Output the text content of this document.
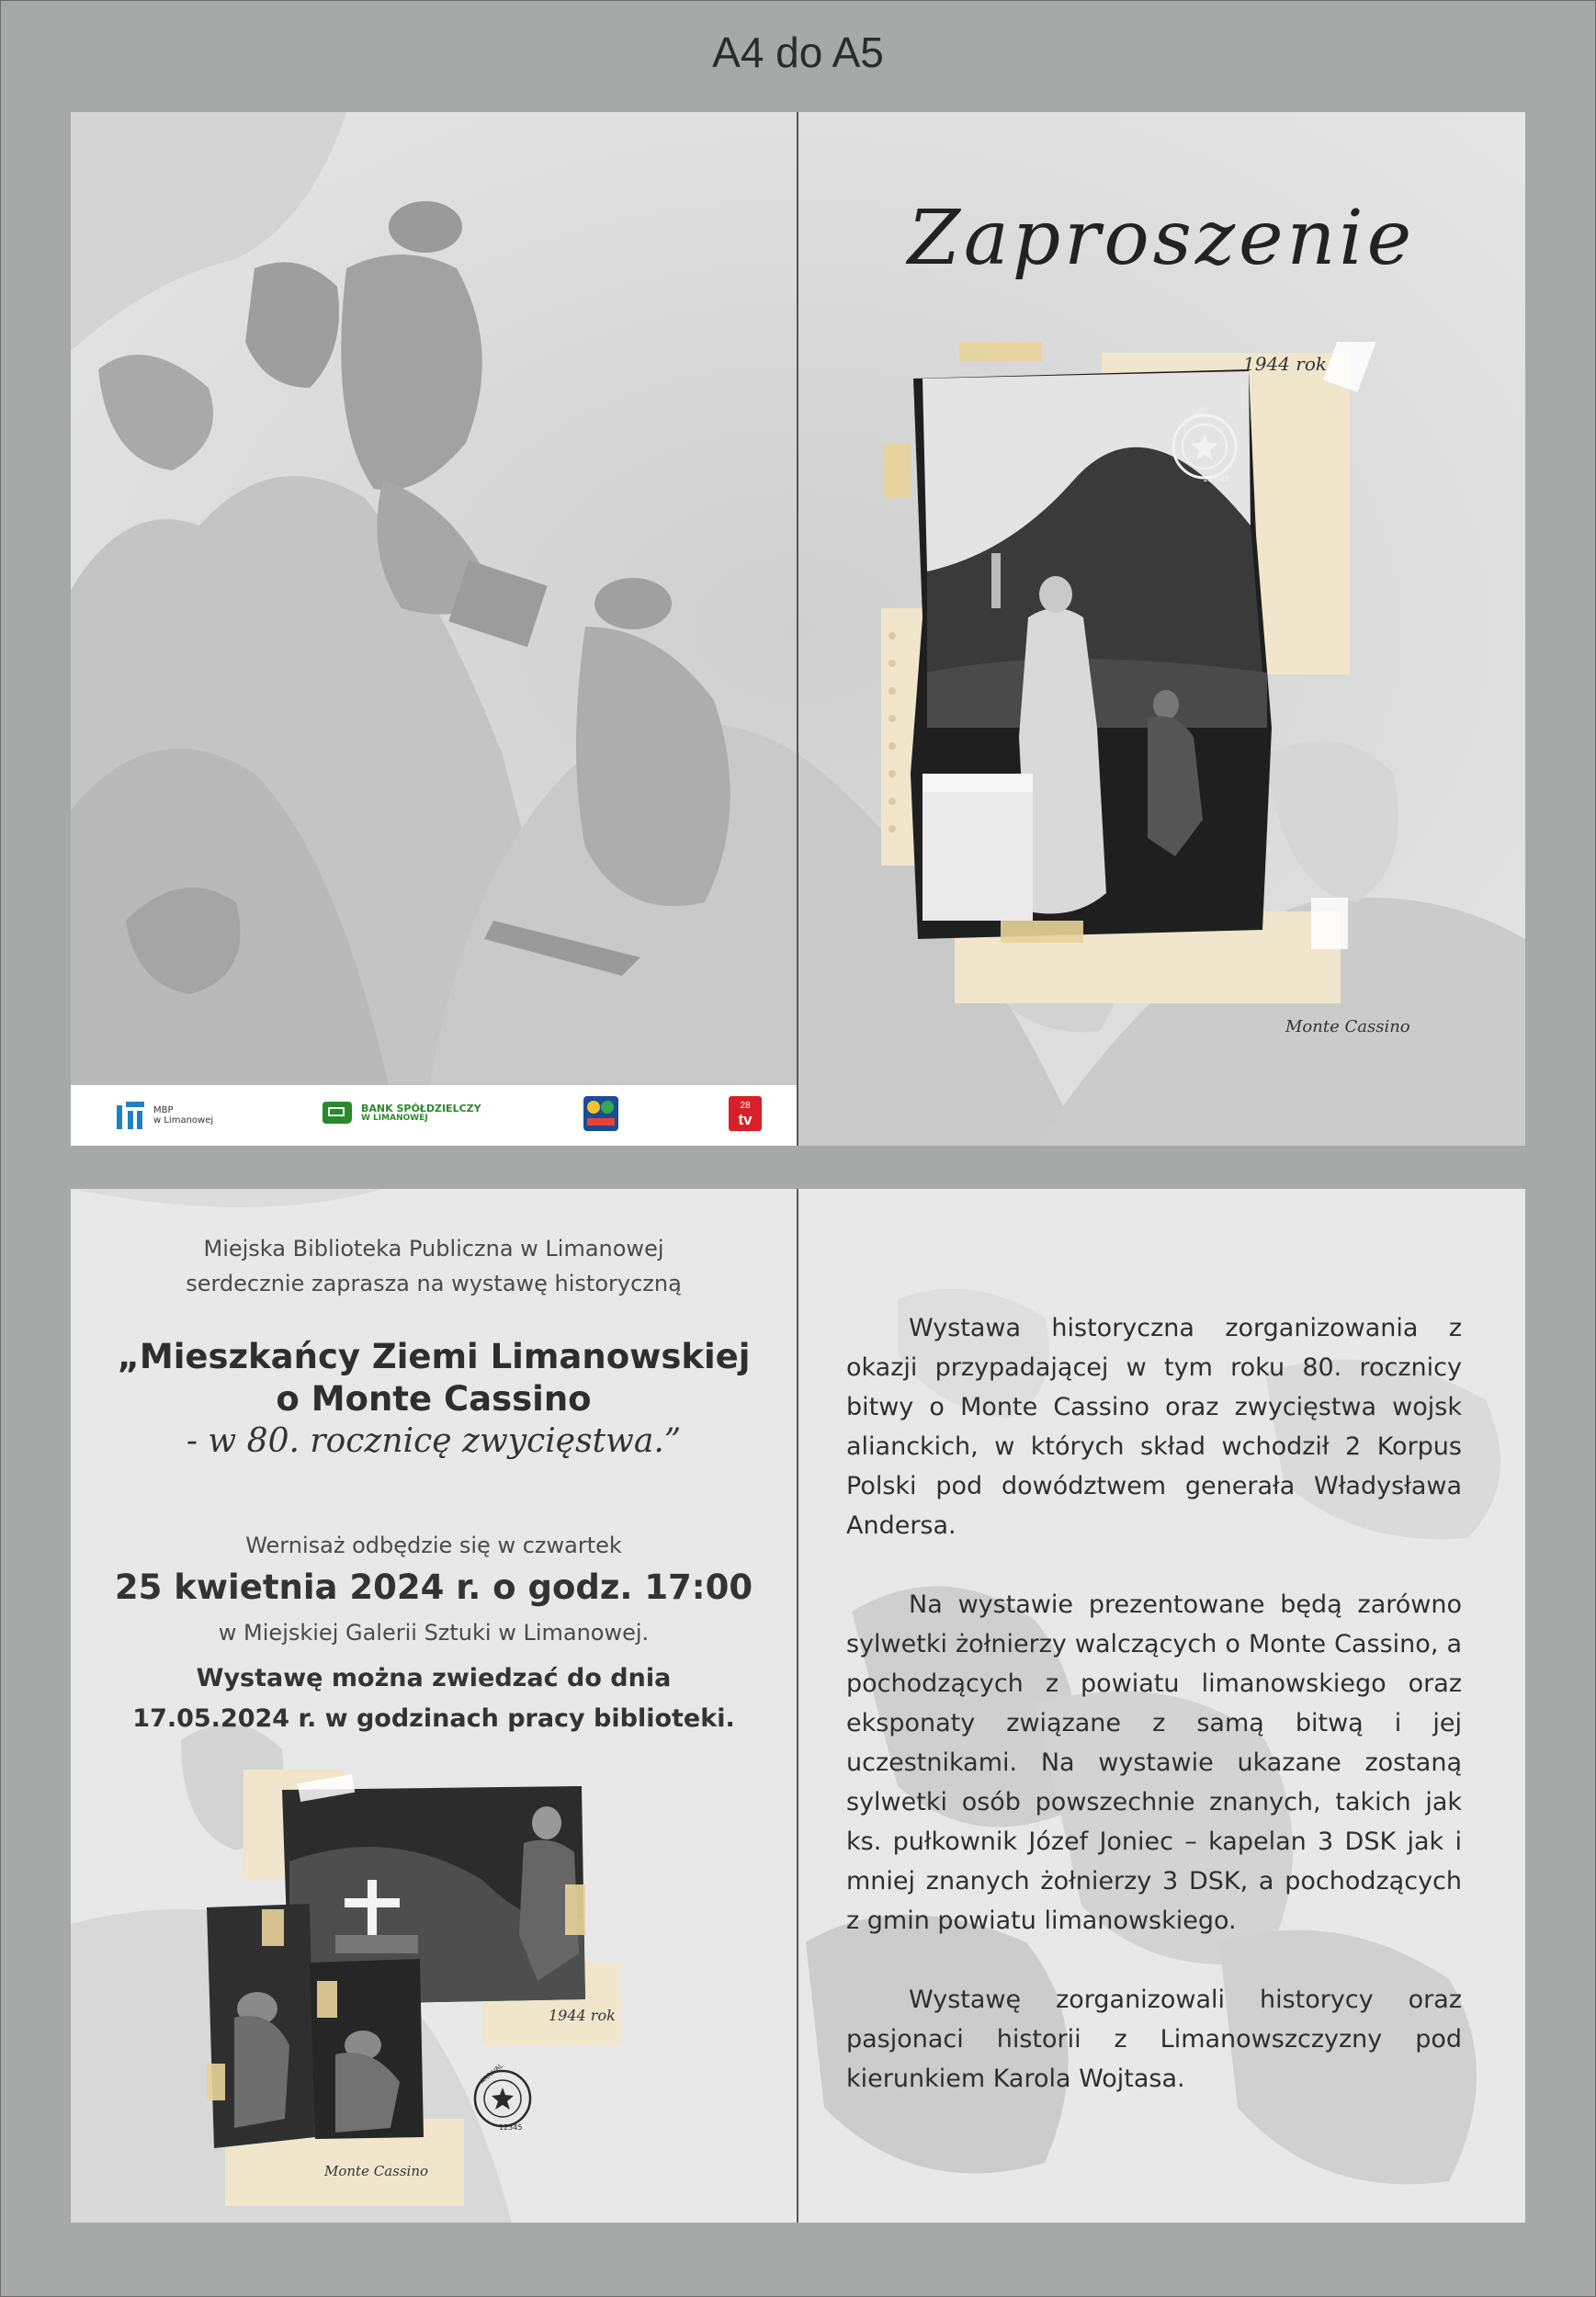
A4 do A5
MBP
w Limanowej
BANK SPÓŁDZIELCZY
W LIMANOWEJ
28
tv
Zaproszenie
ARRIVAL
12345
1944 rok
Monte Cassino
Miejska Biblioteka Publiczna w Limanowej
serdecznie zaprasza na wystawę historyczną
„Mieszkańcy Ziemi Limanowskiej
o Monte Cassino
- w 80. rocznicę zwycięstwa.”
Wernisaż odbędzie się w czwartek
25 kwietnia 2024 r. o godz. 17:00
w Miejskiej Galerii Sztuki w Limanowej.
Wystawę można zwiedzać do dnia
17.05.2024 r. w godzinach pracy biblioteki.
ARRIVAL
12345
1944 rok
Monte Cassino

Wystawa historyczna zorganizowania z okazji przypadającej w tym roku 80. rocznicy bitwy o Monte Cassino oraz zwycięstwa wojsk alianckich, w których skład wchodził 2 Korpus Polski pod dowództwem generała Władysława Andersa.

Na wystawie prezentowane będą zarówno sylwetki żołnierzy walczących o Monte Cassino, a pochodzących z powiatu limanowskiego oraz eksponaty związane z samą bitwą i jej uczestnikami. Na wystawie ukazane zostaną sylwetki osób powszechnie znanych, takich jak ks. pułkownik Józef Joniec – kapelan 3 DSK jak i mniej znanych żołnierzy 3 DSK, a pochodzących z gmin powiatu limanowskiego.

Wystawę zorganizowali historycy oraz pasjonaci historii z Limanowszczyzny pod kierunkiem Karola Wojtasa.
